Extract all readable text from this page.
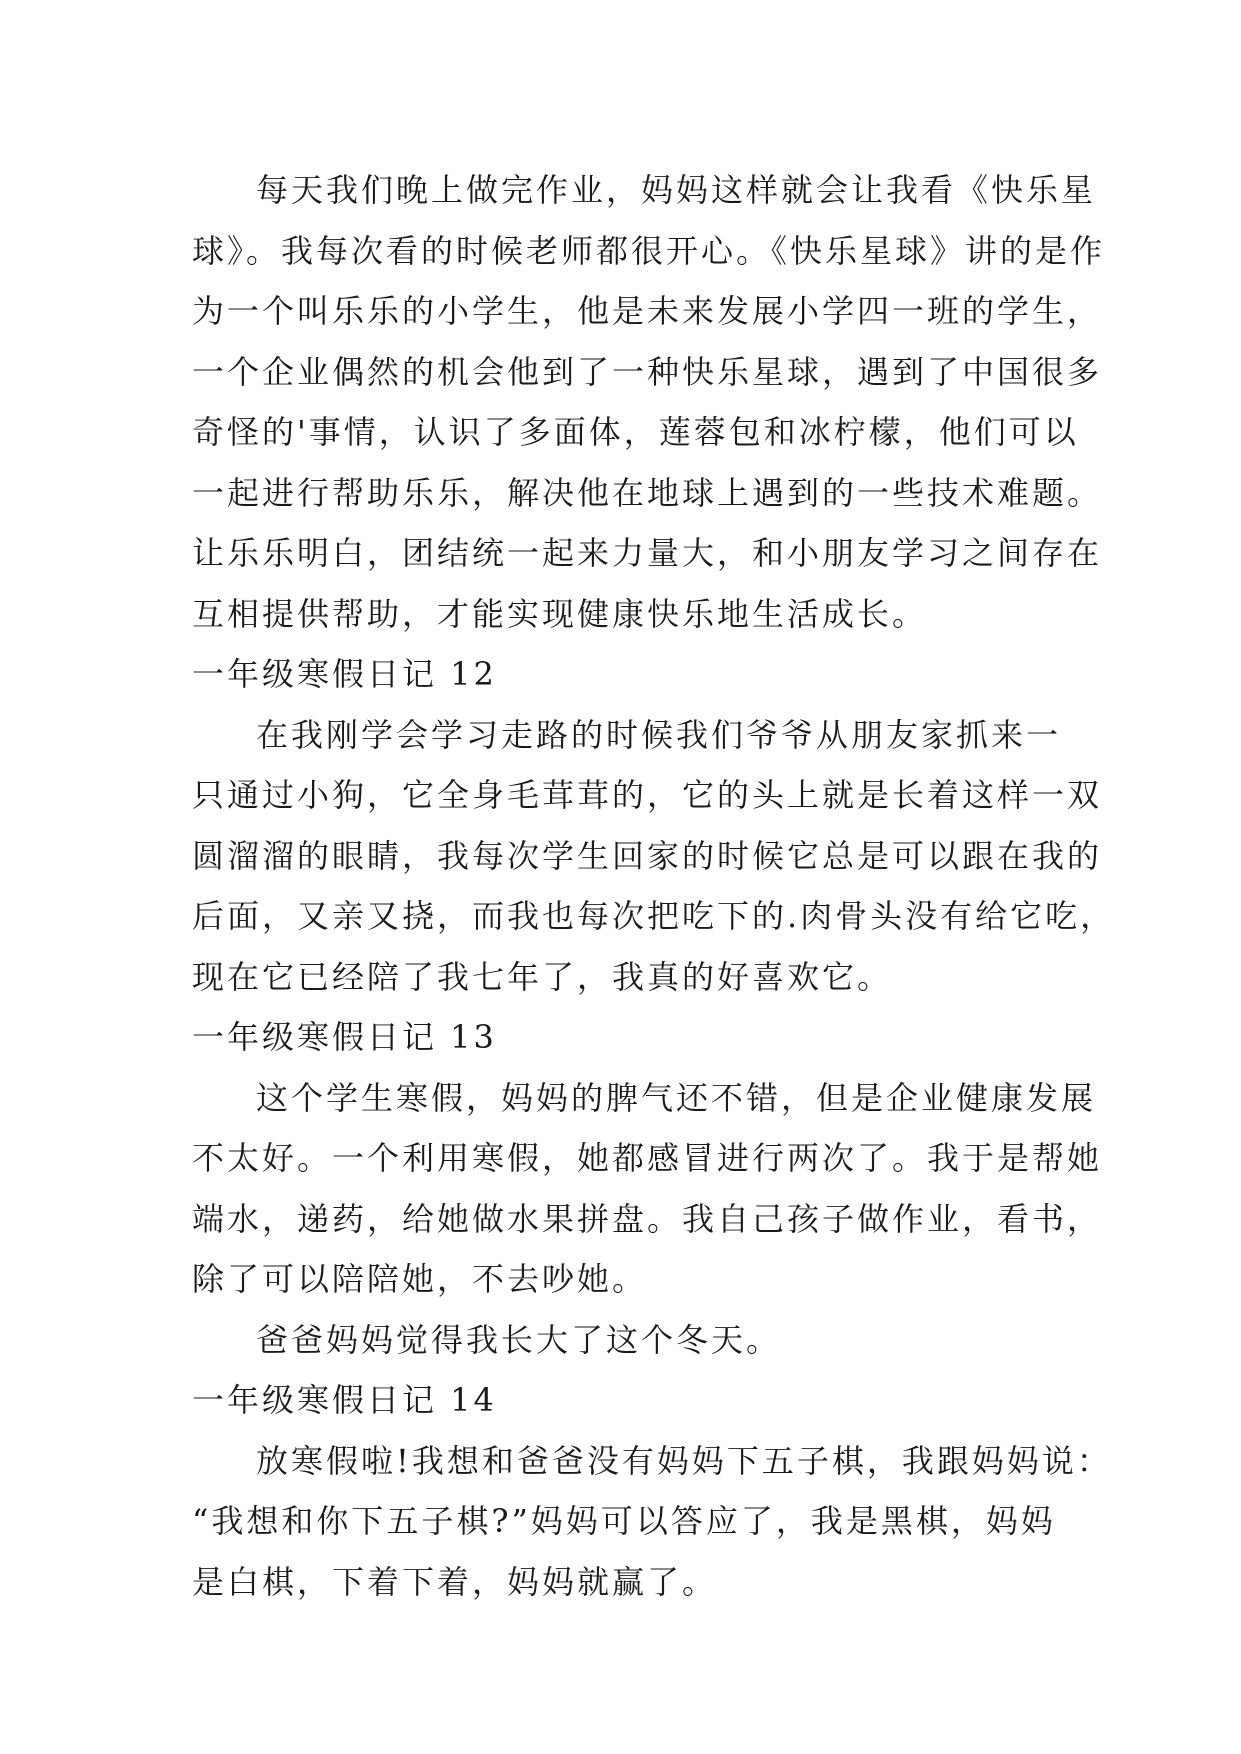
每天我们晚上做完作业，妈妈这样就会让我看《快乐星
球》。我每次看的时候老师都很开心。《快乐星球》讲的是作
为一个叫乐乐的小学生，他是未来发展小学四一班的学生，
一个企业偶然的机会他到了一种快乐星球，遇到了中国很多
奇怪的'事情，认识了多面体，莲蓉包和冰柠檬，他们可以
一起进行帮助乐乐，解决他在地球上遇到的一些技术难题。
让乐乐明白，团结统一起来力量大，和小朋友学习之间存在
互相提供帮助，才能实现健康快乐地生活成长。
一年级寒假日记 12
在我刚学会学习走路的时候我们爷爷从朋友家抓来一
只通过小狗，它全身毛茸茸的，它的头上就是长着这样一双
圆溜溜的眼睛，我每次学生回家的时候它总是可以跟在我的
后面，又亲又挠，而我也每次把吃下的.肉骨头没有给它吃，
现在它已经陪了我七年了，我真的好喜欢它。
一年级寒假日记 13
这个学生寒假，妈妈的脾气还不错，但是企业健康发展
不太好。一个利用寒假，她都感冒进行两次了。我于是帮她
端水，递药，给她做水果拼盘。我自己孩子做作业，看书，
除了可以陪陪她，不去吵她。
爸爸妈妈觉得我长大了这个冬天。
一年级寒假日记 14
放寒假啦!我想和爸爸没有妈妈下五子棋，我跟妈妈说：
“我想和你下五子棋?”妈妈可以答应了，我是黑棋，妈妈
是白棋，下着下着，妈妈就赢了。
